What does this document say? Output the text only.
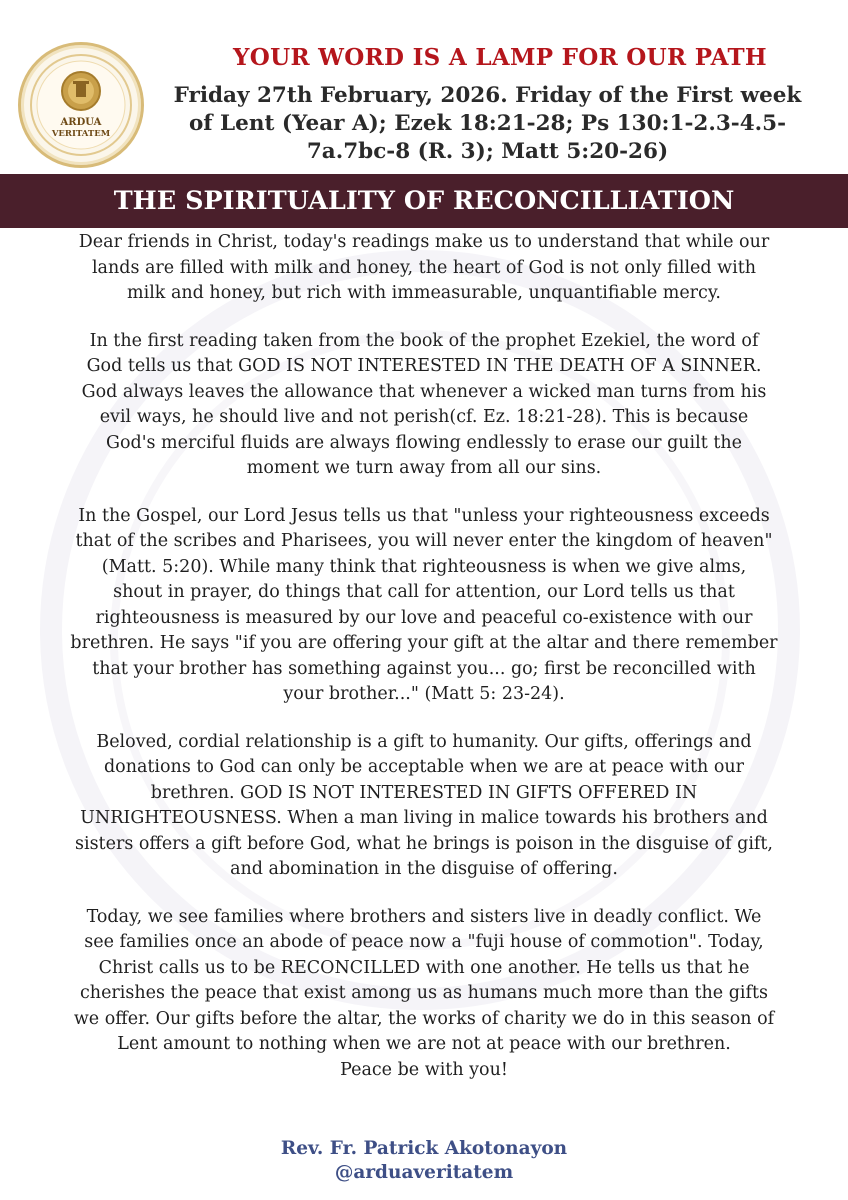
ARDUA
VERITATEM
YOUR WORD IS A LAMP FOR OUR PATH
Friday 27th February, 2026. Friday of the First week
of Lent (Year A); Ezek 18:21-28; Ps 130:1-2.3-4.5-
7a.7bc-8 (R. 3); Matt 5:20-26)
THE SPIRITUALITY OF RECONCILLIATION

Dear friends in Christ, today's readings make us to understand that while our
lands are filled with milk and honey, the heart of God is not only filled with
milk and honey, but rich with immeasurable, unquantifiable mercy.

In the first reading taken from the book of the prophet Ezekiel, the word of
God tells us that GOD IS NOT INTERESTED IN THE DEATH OF A SINNER.
God always leaves the allowance that whenever a wicked man turns from his
evil ways, he should live and not perish(cf. Ez. 18:21-28). This is because
God's merciful fluids are always flowing endlessly to erase our guilt the
moment we turn away from all our sins.

In the Gospel, our Lord Jesus tells us that "unless your righteousness exceeds
that of the scribes and Pharisees, you will never enter the kingdom of heaven"
(Matt. 5:20). While many think that righteousness is when we give alms,
shout in prayer, do things that call for attention, our Lord tells us that
righteousness is measured by our love and peaceful co-existence with our
brethren. He says "if you are offering your gift at the altar and there remember
that your brother has something against you... go; first be reconcilled with
your brother..." (Matt 5: 23-24).

Beloved, cordial relationship is a gift to humanity. Our gifts, offerings and
donations to God can only be acceptable when we are at peace with our
brethren. GOD IS NOT INTERESTED IN GIFTS OFFERED IN
UNRIGHTEOUSNESS. When a man living in malice towards his brothers and
sisters offers a gift before God, what he brings is poison in the disguise of gift,
and abomination in the disguise of offering.

Today, we see families where brothers and sisters live in deadly conflict. We
see families once an abode of peace now a "fuji house of commotion". Today,
Christ calls us to be RECONCILLED with one another. He tells us that he
cherishes the peace that exist among us as humans much more than the gifts
we offer. Our gifts before the altar, the works of charity we do in this season of
Lent amount to nothing when we are not at peace with our brethren.
Peace be with you!

Rev. Fr. Patrick Akotonayon
@arduaveritatem
